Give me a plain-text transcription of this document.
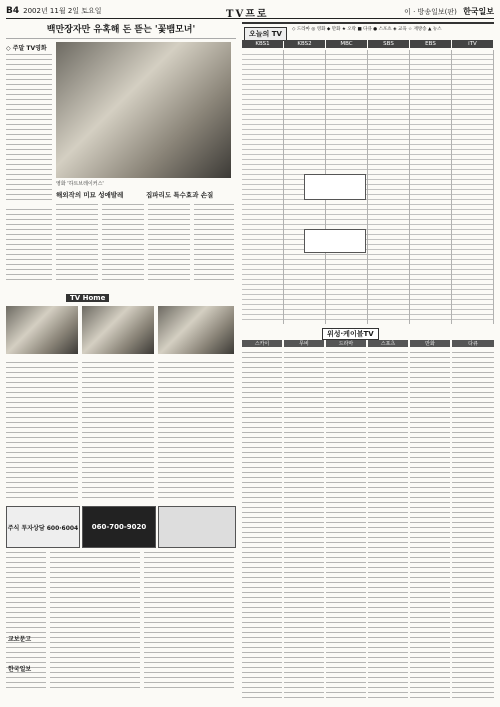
B4 2002년 11월 2일 토요일	TV프로	이 · 방송일보(판) 한국일보
백만장자만 유혹해 돈 뜯는 '꽃뱀모녀'
◇ 주말 TV영화
영화 '하트브레이커스'
해외작의 미묘 성애발레	집파리도 특수효과 손질
오늘의 TV
◇ 드라마 ◎ 영화 ◆ 만화 ★ 오락 ■ 다큐 ● 스포츠 ◈ 교육 ☆ 재방송 ▲ 뉴스
KBS1	KBS2	MBC	SBS	EBS	iTV
TV Home
주식 투자상담 600·6004	060-700-9020
교보문고
한국일보
위성·케이블TV
스카이	무비	드라마	스포츠	만화	다큐
